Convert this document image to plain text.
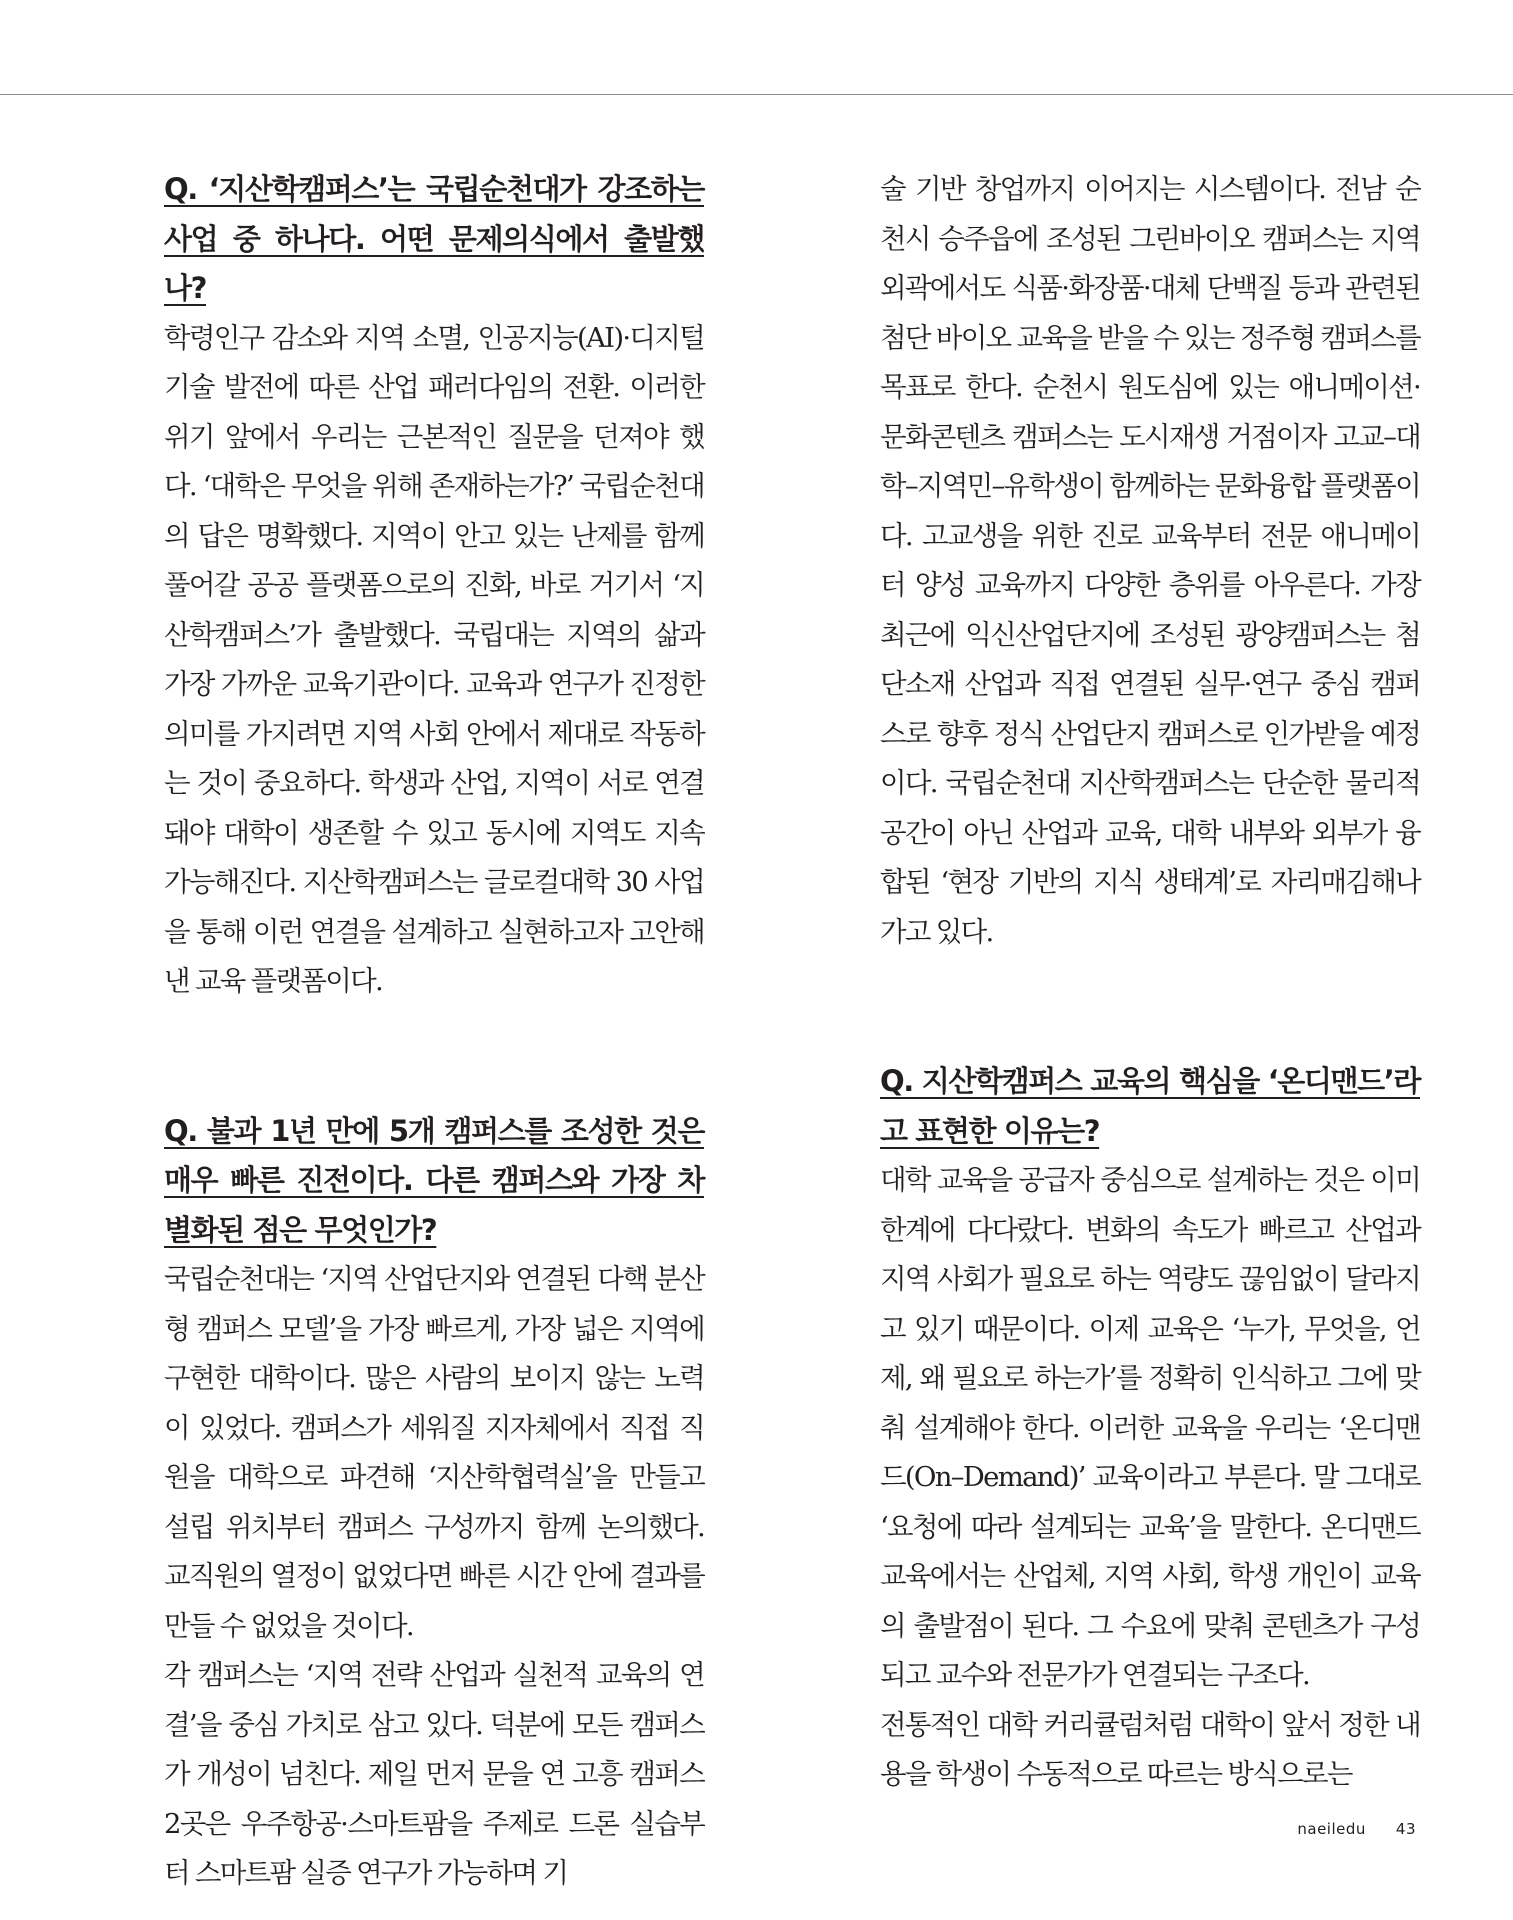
Q. ‘지산학캠퍼스’는 국립순천대가 강조하는 사업 중 하나다. 어떤 문제의식에서 출발했나?

학령인구 감소와 지역 소멸, 인공지능(AI)·디지털 기술 발전에 따른 산업 패러다임의 전환. 이러한 위기 앞에서 우리는 근본적인 질문을 던져야 했다. ‘대학은 무엇을 위해 존재하는가?’ 국립순천대의 답은 명확했다. 지역이 안고 있는 난제를 함께 풀어갈 공공 플랫폼으로의 진화, 바로 거기서 ‘지산학캠퍼스’가 출발했다. 국립대는 지역의 삶과 가장 가까운 교육기관이다. 교육과 연구가 진정한 의미를 가지려면 지역 사회 안에서 제대로 작동하는 것이 중요하다. 학생과 산업, 지역이 서로 연결돼야 대학이 생존할 수 있고 동시에 지역도 지속 가능해진다. 지산학캠퍼스는 글로컬대학 30 사업을 통해 이런 연결을 설계하고 실현하고자 고안해낸 교육 플랫폼이다.

Q. 불과 1년 만에 5개 캠퍼스를 조성한 것은 매우 빠른 진전이다. 다른 캠퍼스와 가장 차별화된 점은 무엇인가?

국립순천대는 ‘지역 산업단지와 연결된 다핵 분산형 캠퍼스 모델’을 가장 빠르게, 가장 넓은 지역에 구현한 대학이다. 많은 사람의 보이지 않는 노력이 있었다. 캠퍼스가 세워질 지자체에서 직접 직원을 대학으로 파견해 ‘지산학협력실’을 만들고 설립 위치부터 캠퍼스 구성까지 함께 논의했다. 교직원의 열정이 없었다면 빠른 시간 안에 결과를 만들 수 없었을 것이다.

각 캠퍼스는 ‘지역 전략 산업과 실천적 교육의 연결’을 중심 가치로 삼고 있다. 덕분에 모든 캠퍼스가 개성이 넘친다. 제일 먼저 문을 연 고흥 캠퍼스 2곳은 우주항공·스마트팜을 주제로 드론 실습부터 스마트팜 실증 연구가 가능하며 기

술 기반 창업까지 이어지는 시스템이다. 전남 순천시 승주읍에 조성된 그린바이오 캠퍼스는 지역 외곽에서도 식품·화장품·대체 단백질 등과 관련된 첨단 바이오 교육을 받을 수 있는 정주형 캠퍼스를 목표로 한다. 순천시 원도심에 있는 애니메이션·문화콘텐츠 캠퍼스는 도시재생 거점이자 고교–대학–지역민–유학생이 함께하는 문화융합 플랫폼이다. 고교생을 위한 진로 교육부터 전문 애니메이터 양성 교육까지 다양한 층위를 아우른다. 가장 최근에 익신산업단지에 조성된 광양캠퍼스는 첨단소재 산업과 직접 연결된 실무·연구 중심 캠퍼스로 향후 정식 산업단지 캠퍼스로 인가받을 예정이다. 국립순천대 지산학캠퍼스는 단순한 물리적 공간이 아닌 산업과 교육, 대학 내부와 외부가 융합된 ‘현장 기반의 지식 생태계’로 자리매김해나가고 있다.

Q. 지산학캠퍼스 교육의 핵심을 ‘온디맨드’라고 표현한 이유는?

대학 교육을 공급자 중심으로 설계하는 것은 이미 한계에 다다랐다. 변화의 속도가 빠르고 산업과 지역 사회가 필요로 하는 역량도 끊임없이 달라지고 있기 때문이다. 이제 교육은 ‘누가, 무엇을, 언제, 왜 필요로 하는가’를 정확히 인식하고 그에 맞춰 설계해야 한다. 이러한 교육을 우리는 ‘온디맨드(On–Demand)’ 교육이라고 부른다. 말 그대로 ‘요청에 따라 설계되는 교육’을 말한다. 온디맨드 교육에서는 산업체, 지역 사회, 학생 개인이 교육의 출발점이 된다. 그 수요에 맞춰 콘텐츠가 구성되고 교수와 전문가가 연결되는 구조다.

전통적인 대학 커리큘럼처럼 대학이 앞서 정한 내용을 학생이 수동적으로 따르는 방식으로는

naeiledu 43
